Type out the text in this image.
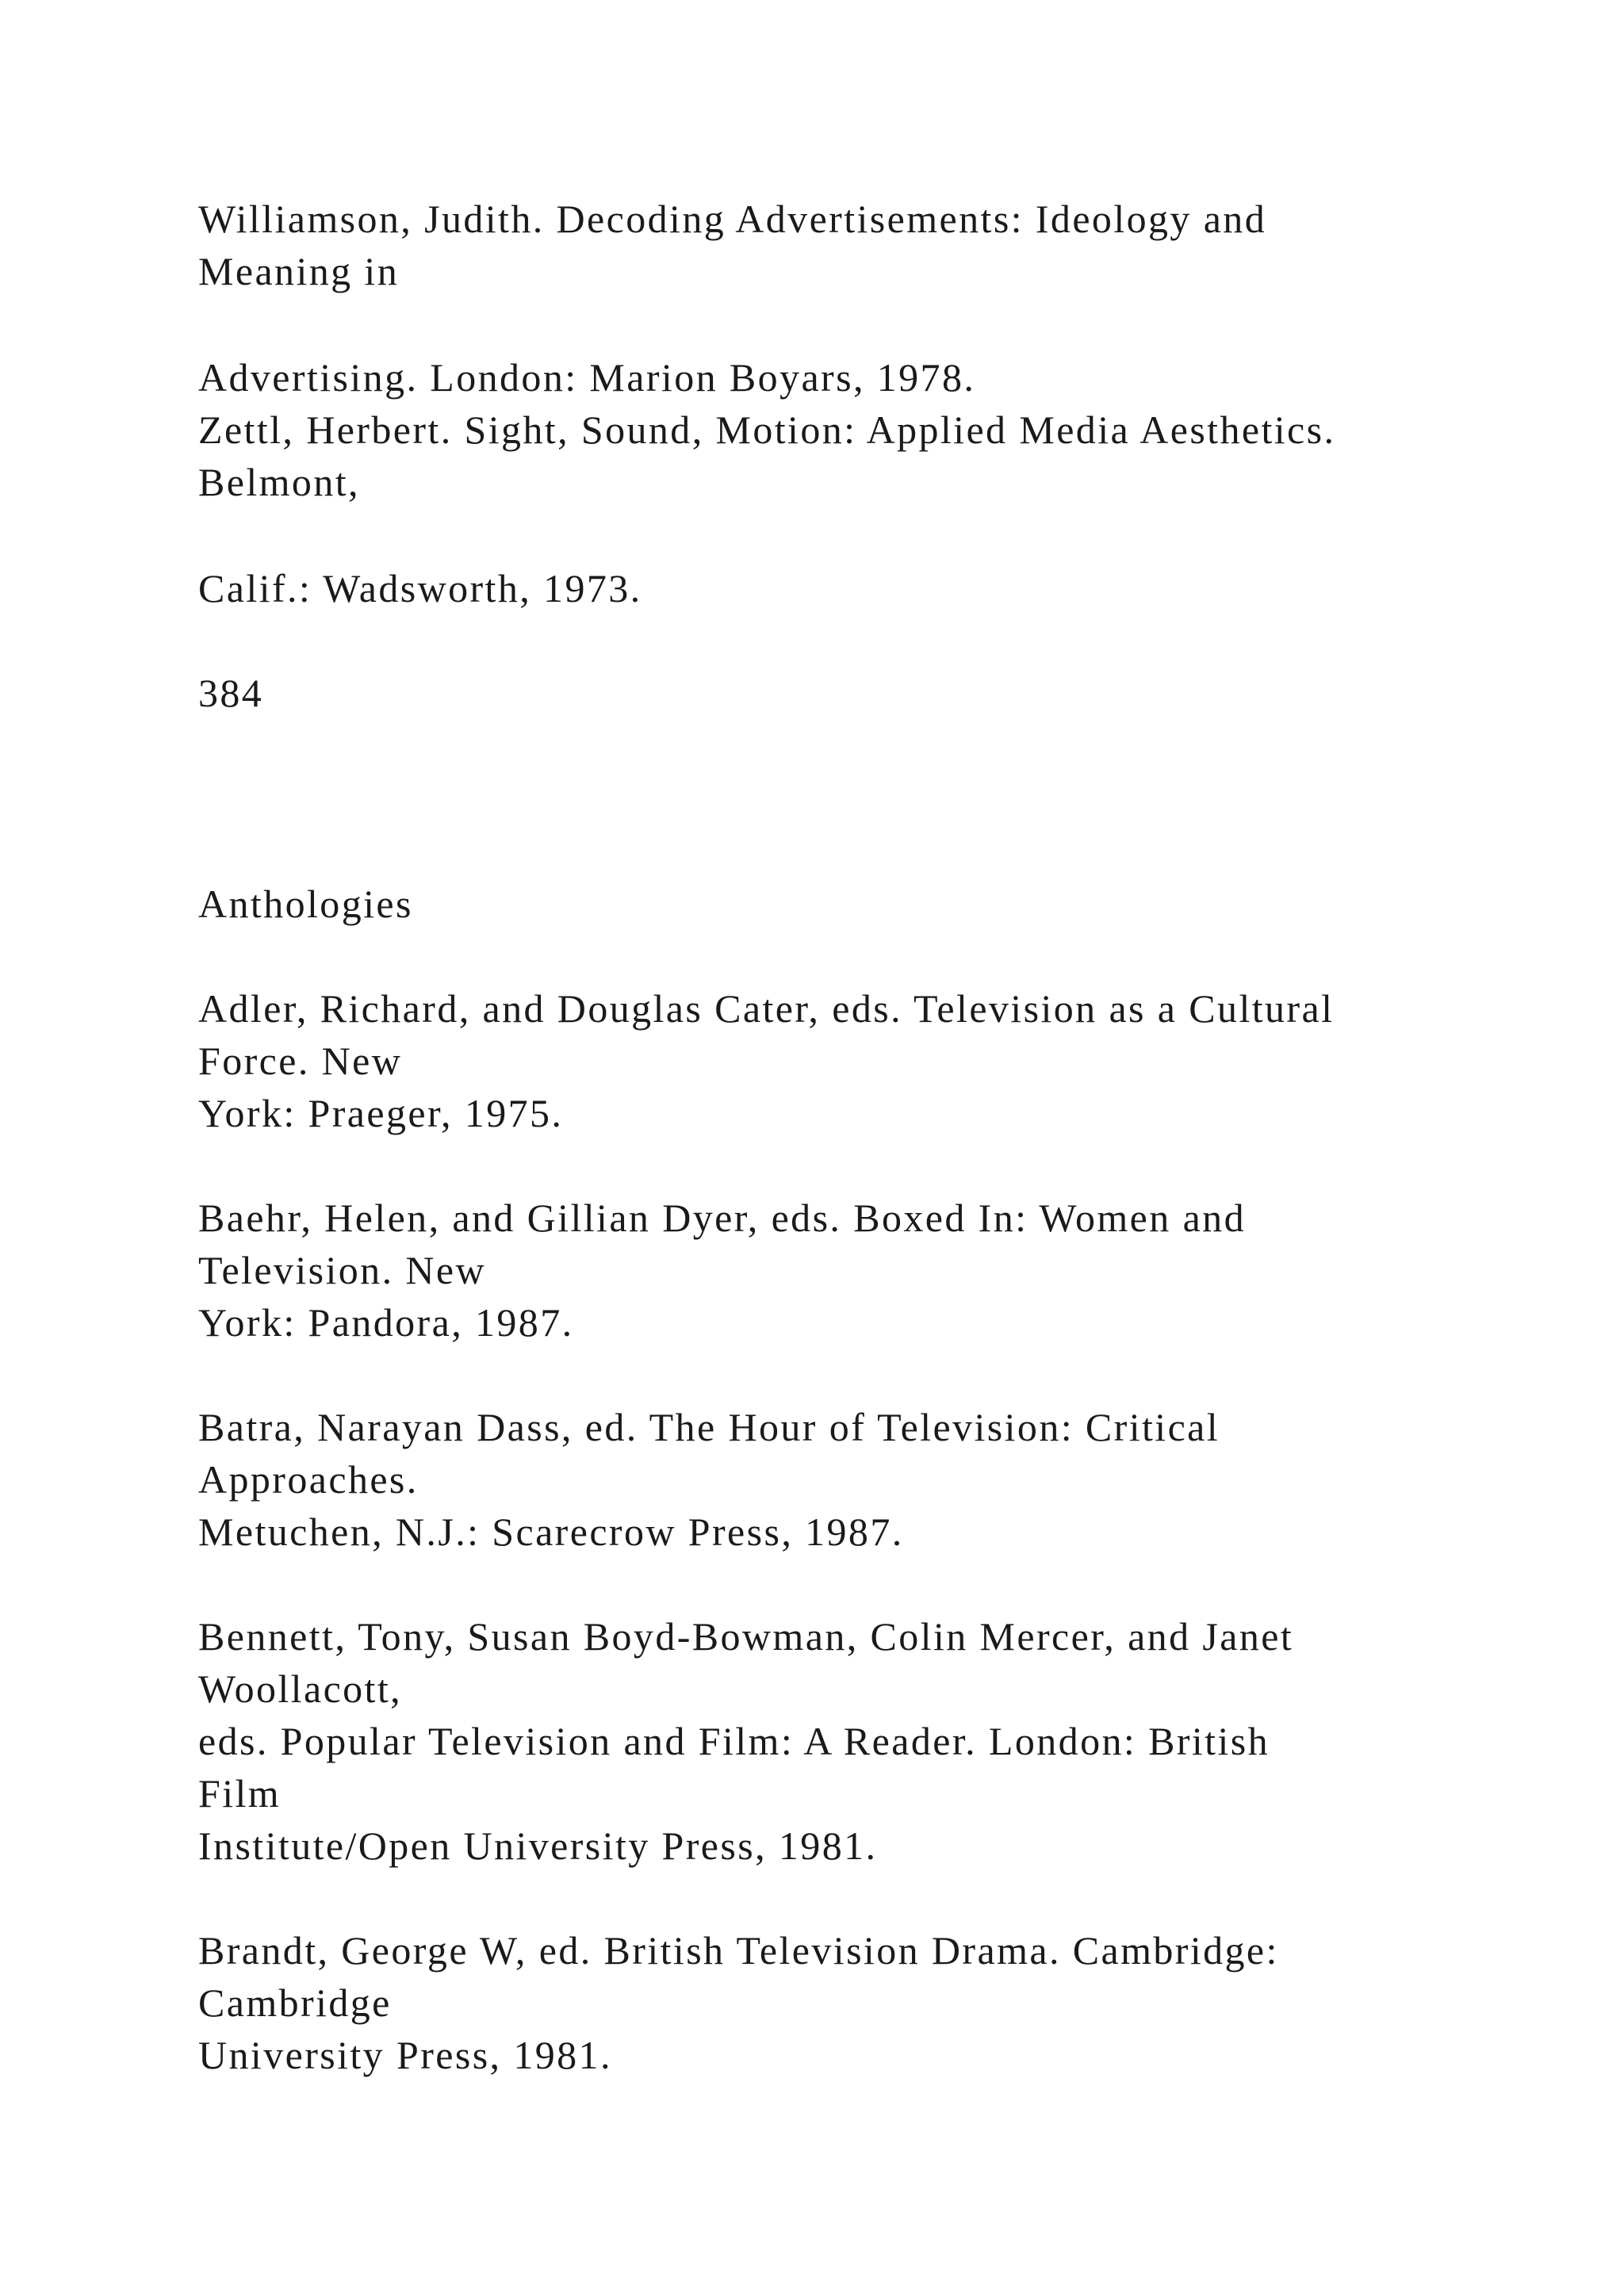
Williamson, Judith. Decoding Advertisements: Ideology and

Meaning in

Advertising. London: Marion Boyars, 1978.

Zettl, Herbert. Sight, Sound, Motion: Applied Media Aesthetics.

Belmont,

Calif.: Wadsworth, 1973.

384

Anthologies

Adler, Richard, and Douglas Cater, eds. Television as a Cultural

Force. New

York: Praeger, 1975.

Baehr, Helen, and Gillian Dyer, eds. Boxed In: Women and

Television. New

York: Pandora, 1987.

Batra, Narayan Dass, ed. The Hour of Television: Critical

Approaches.

Metuchen, N.J.: Scarecrow Press, 1987.

Bennett, Tony, Susan Boyd-Bowman, Colin Mercer, and Janet

Woollacott,

eds. Popular Television and Film: A Reader. London: British

Film

Institute/Open University Press, 1981.

Brandt, George W, ed. British Television Drama. Cambridge:

Cambridge

University Press, 1981.
